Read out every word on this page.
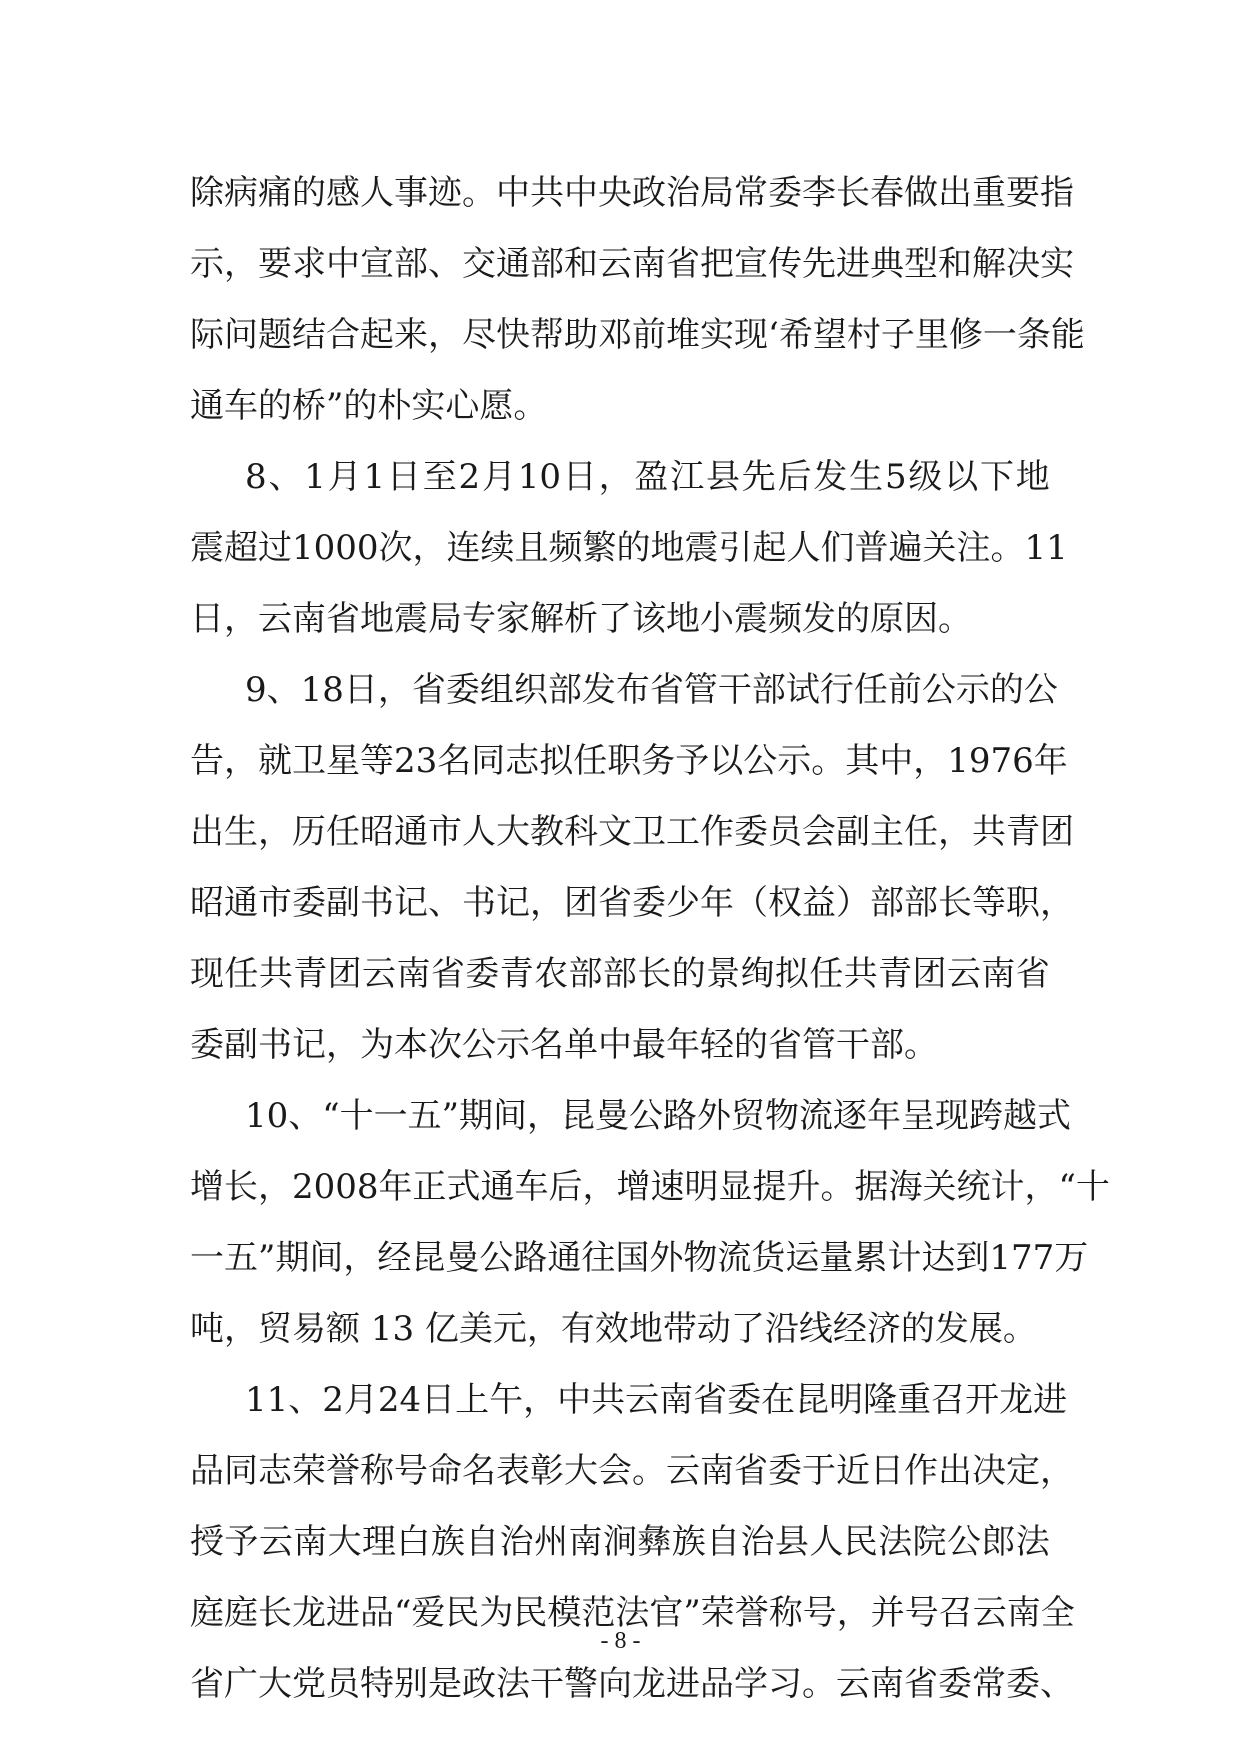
除 病 痛 的 感 人 事 迹 。 中 共 中 央 政 治 局 常 委 李 长 春 做 出 重 要 指
示 ， 要 求 中 宣 部 、 交 通 部 和 云 南 省 把 宣 传 先 进 典 型 和 解 决 实
际 问 题 结 合 起 来 ， 尽 快 帮 助 邓 前 堆 实 现 ‘ 希 望 村 子 里 修 一 条 能
通车的桥”的朴实心愿。
8 、 1 月 1 日 至 2 月 10 日 ， 盈 江 县 先 后 发 生 5 级 以 下 地
震 超 过 1000 次 ， 连 续 且 频 繁 的 地 震 引 起 人 们 普 遍 关 注 。 11
日，云南省地震局专家解析了该地小震频发的原因。
9 、 18 日 ， 省 委 组 织 部 发 布 省 管 干 部 试 行 任 前 公 示 的 公
告 ， 就 卫 星 等 23 名 同 志 拟 任 职 务 予 以 公 示 。 其 中 ， 1976 年
出 生 ， 历 任 昭 通 市 人 大 教 科 文 卫 工 作 委 员 会 副 主 任 ， 共 青 团
昭 通 市 委 副 书 记 、 书 记 ， 团 省 委 少 年 （ 权 益 ） 部 部 长 等 职 ，
现 任 共 青 团 云 南 省 委 青 农 部 部 长 的 景 绚 拟 任 共 青 团 云 南 省
委副书记，为本次公示名单中最年轻的省管干部。
10 、 “ 十 一 五 ” 期 间 ， 昆 曼 公 路 外 贸 物 流 逐 年 呈 现 跨 越 式
增 长 ， 2008 年 正 式 通 车 后 ， 增 速 明 显 提 升 。 据 海 关 统 计 ， “ 十
一 五 ” 期 间 ， 经 昆 曼 公 路 通 往 国 外 物 流 货 运 量 累 计 达 到 177 万
吨，贸易额 13 亿美元，有效地带动了沿线经济的发展。
11 、 2 月 24 日 上 午 ， 中 共 云 南 省 委 在 昆 明 隆 重 召 开 龙 进
品 同 志 荣 誉 称 号 命 名 表 彰 大 会 。 云 南 省 委 于 近 日 作 出 决 定 ，
授 予 云 南 大 理 白 族 自 治 州 南 涧 彝 族 自 治 县 人 民 法 院 公 郎 法
庭 庭 长 龙 进 品 “ 爱 民 为 民 模 范 法 官 ” 荣 誉 称 号 ， 并 号 召 云 南 全
省 广 大 党 员 特 别 是 政 法 干 警 向 龙 进 品 学 习 。 云 南 省 委 常 委 、
- 8 -
